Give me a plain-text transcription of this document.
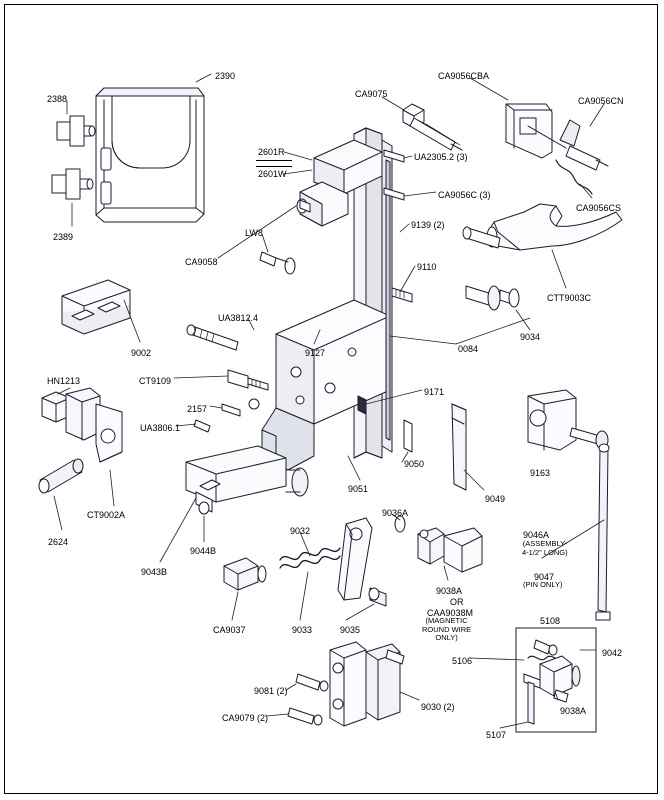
2390
2388	CA9075
CA9056CBA
CA9056CN
2601R
2601W
UA2305.2 (3)
CA9056CS
CA9056C (3)
2389	LW8
9139 (2)
CA9058	9110
CTT9003C
UA3812.4
9034
9002	9127	0084
HN1213	CT9109
2157
9171
UA3806.1
9163
9050
9051
9049
CT9002A	9036A
9032	9046A
2624
9044B
9043B	9047
9038A
OR
CAA9038M
5108
CA9037	9033	9035
9042
5106
9081 (2)
9030 (2)	9038A
CA9079 (2)
5107
(ASSEMBLY-
4-1/2" LONG)
(PIN ONLY)
(MAGNETIC
ROUND WIRE
ONLY)
